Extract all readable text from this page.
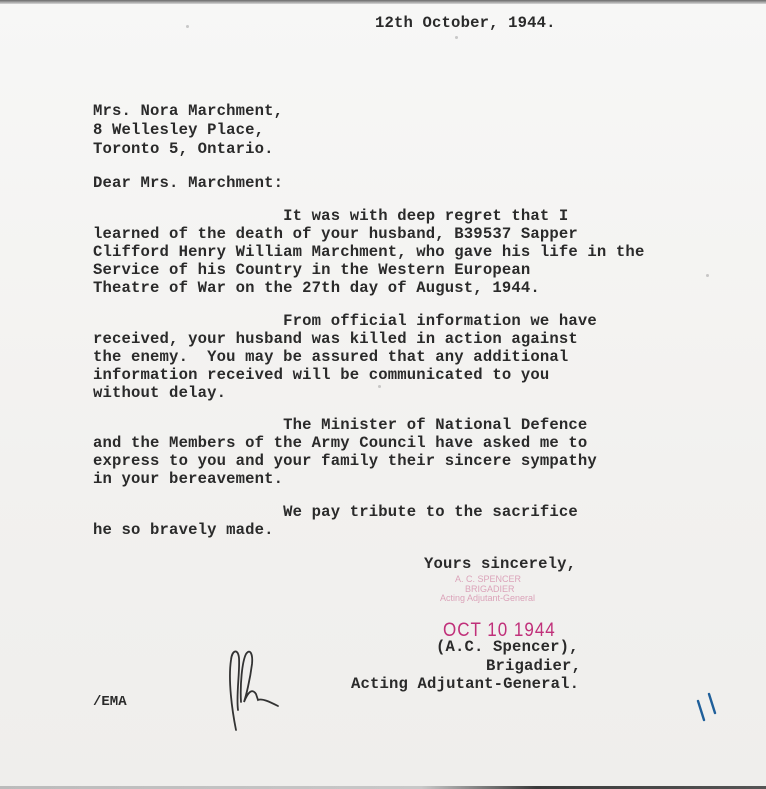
12th October, 1944.
Mrs. Nora Marchment,
8 Wellesley Place,
Toronto 5, Ontario.
Dear Mrs. Marchment:
It was with deep regret that I
learned of the death of your husband, B39537 Sapper
Clifford Henry William Marchment, who gave his life in the
Service of his Country in the Western European
Theatre of War on the 27th day of August, 1944.
From official information we have
received, your husband was killed in action against
the enemy.  You may be assured that any additional
information received will be communicated to you
without delay.
The Minister of National Defence
and the Members of the Army Council have asked me to
express to you and your family their sincere sympathy
in your bereavement.
We pay tribute to the sacrifice
he so bravely made.
Yours sincerely,
A. C. SPENCER
BRIGADIER
Acting Adjutant-General
OCT 10 1944
(A.C. Spencer),
Brigadier,
Acting Adjutant-General.
/EMA
